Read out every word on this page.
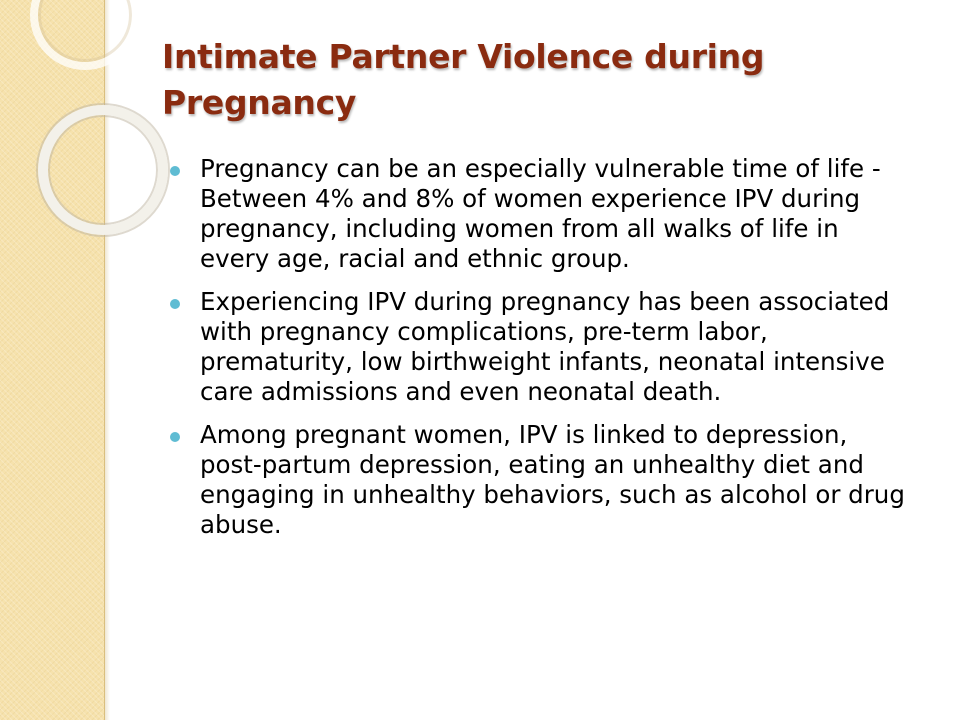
Intimate Partner Violence during Pregnancy
Pregnancy can be an especially vulnerable time of life - Between 4% and 8% of women experience IPV during pregnancy, including women from all walks of life in every age, racial and ethnic group.
Experiencing IPV during pregnancy has been associated with pregnancy complications, pre-term labor, prematurity, low birthweight infants, neonatal intensive care admissions and even neonatal death.
Among pregnant women, IPV is linked to depression, post-partum depression, eating an unhealthy diet and engaging in unhealthy behaviors, such as alcohol or drug abuse.
